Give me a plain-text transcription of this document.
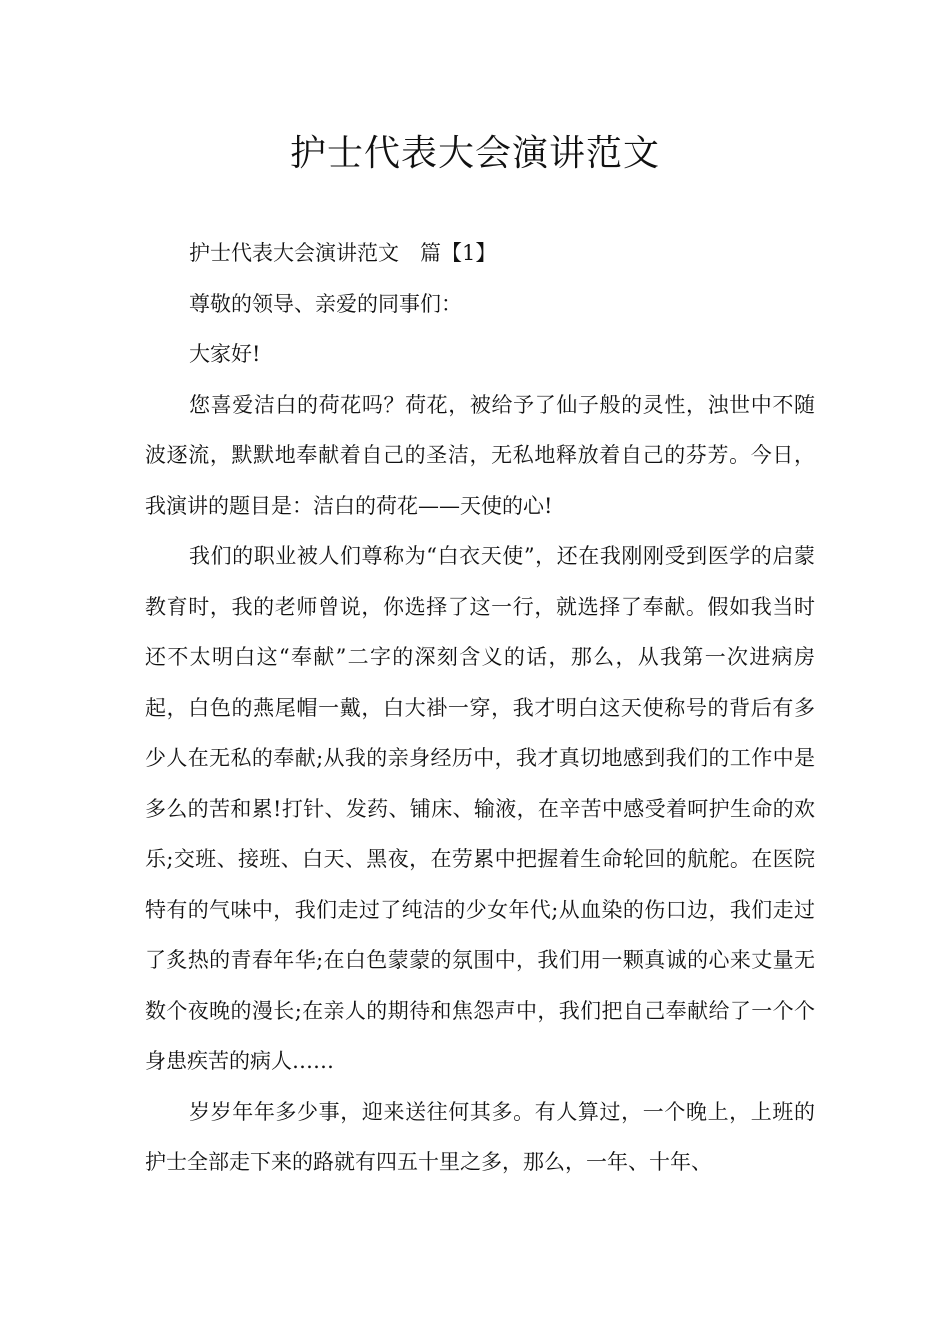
护士代表大会演讲范文

护士代表大会演讲范文　篇【1】

尊敬的领导、亲爱的同事们：

大家好!

您喜爱洁白的荷花吗？荷花，被给予了仙子般的灵性，浊世中不随波逐流，默默地奉献着自己的圣洁，无私地释放着自己的芬芳。今日，我演讲的题目是：洁白的荷花——天使的心!

我们的职业被人们尊称为“白衣天使”，还在我刚刚受到医学的启蒙教育时，我的老师曾说，你选择了这一行，就选择了奉献。假如我当时还不太明白这“奉献”二字的深刻含义的话，那么，从我第一次进病房起，白色的燕尾帽一戴，白大褂一穿，我才明白这天使称号的背后有多少人在无私的奉献;从我的亲身经历中，我才真切地感到我们的工作中是多么的苦和累!打针、发药、铺床、输液，在辛苦中感受着呵护生命的欢乐;交班、接班、白天、黑夜，在劳累中把握着生命轮回的航舵。在医院特有的气味中，我们走过了纯洁的少女年代;从血染的伤口边，我们走过了炙热的青春年华;在白色蒙蒙的氛围中，我们用一颗真诚的心来丈量无数个夜晚的漫长;在亲人的期待和焦怨声中，我们把自己奉献给了一个个身患疾苦的病人……

岁岁年年多少事，迎来送往何其多。有人算过，一个晚上，上班的护士全部走下来的路就有四五十里之多，那么，一年、十年、
